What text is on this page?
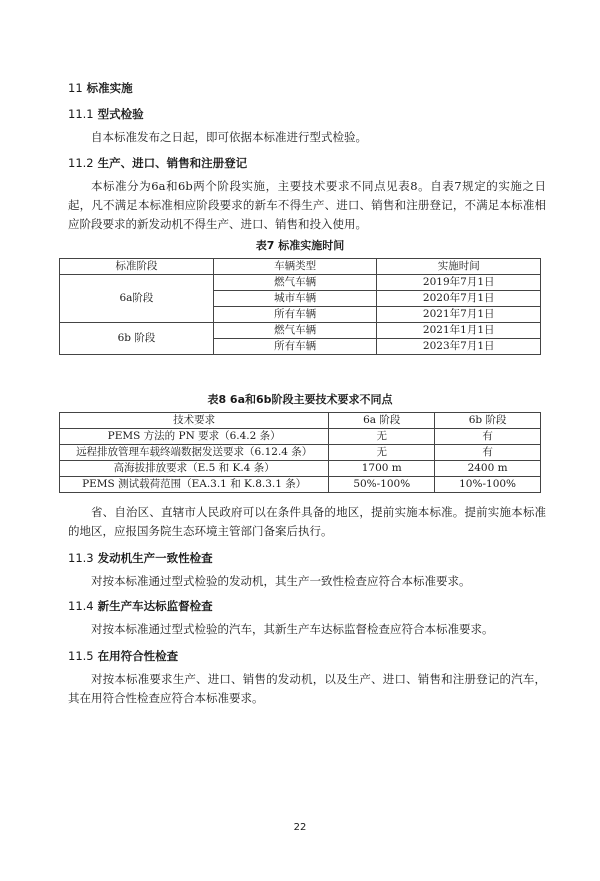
11 标准实施
11.1 型式检验
自本标准发布之日起，即可依据本标准进行型式检验。
11.2 生产、进口、销售和注册登记
本标准分为6a和6b两个阶段实施，主要技术要求不同点见表8。自表7规定的实施之日起，凡不满足本标准相应阶段要求的新车不得生产、进口、销售和注册登记，不满足本标准相应阶段要求的新发动机不得生产、进口、销售和投入使用。
表7 标准实施时间
标准阶段	车辆类型	实施时间
6a阶段	燃气车辆	2019年7月1日
	城市车辆	2020年7月1日
	所有车辆	2021年7月1日
6b 阶段	燃气车辆	2021年1月1日
	所有车辆	2023年7月1日
表8 6a和6b阶段主要技术要求不同点
技术要求	6a 阶段	6b 阶段
PEMS 方法的 PN 要求（6.4.2 条）	无	有
远程排放管理车载终端数据发送要求（6.12.4 条）	无	有
高海拔排放要求（E.5 和 K.4 条）	1700 m	2400 m
PEMS 测试载荷范围（EA.3.1 和 K.8.3.1 条）	50%-100%	10%-100%
省、自治区、直辖市人民政府可以在条件具备的地区，提前实施本标准。提前实施本标准的地区，应报国务院生态环境主管部门备案后执行。
11.3 发动机生产一致性检查
对按本标准通过型式检验的发动机，其生产一致性检查应符合本标准要求。
11.4 新生产车达标监督检查
对按本标准通过型式检验的汽车，其新生产车达标监督检查应符合本标准要求。
11.5 在用符合性检查
对按本标准要求生产、进口、销售的发动机，以及生产、进口、销售和注册登记的汽车，其在用符合性检查应符合本标准要求。
22
